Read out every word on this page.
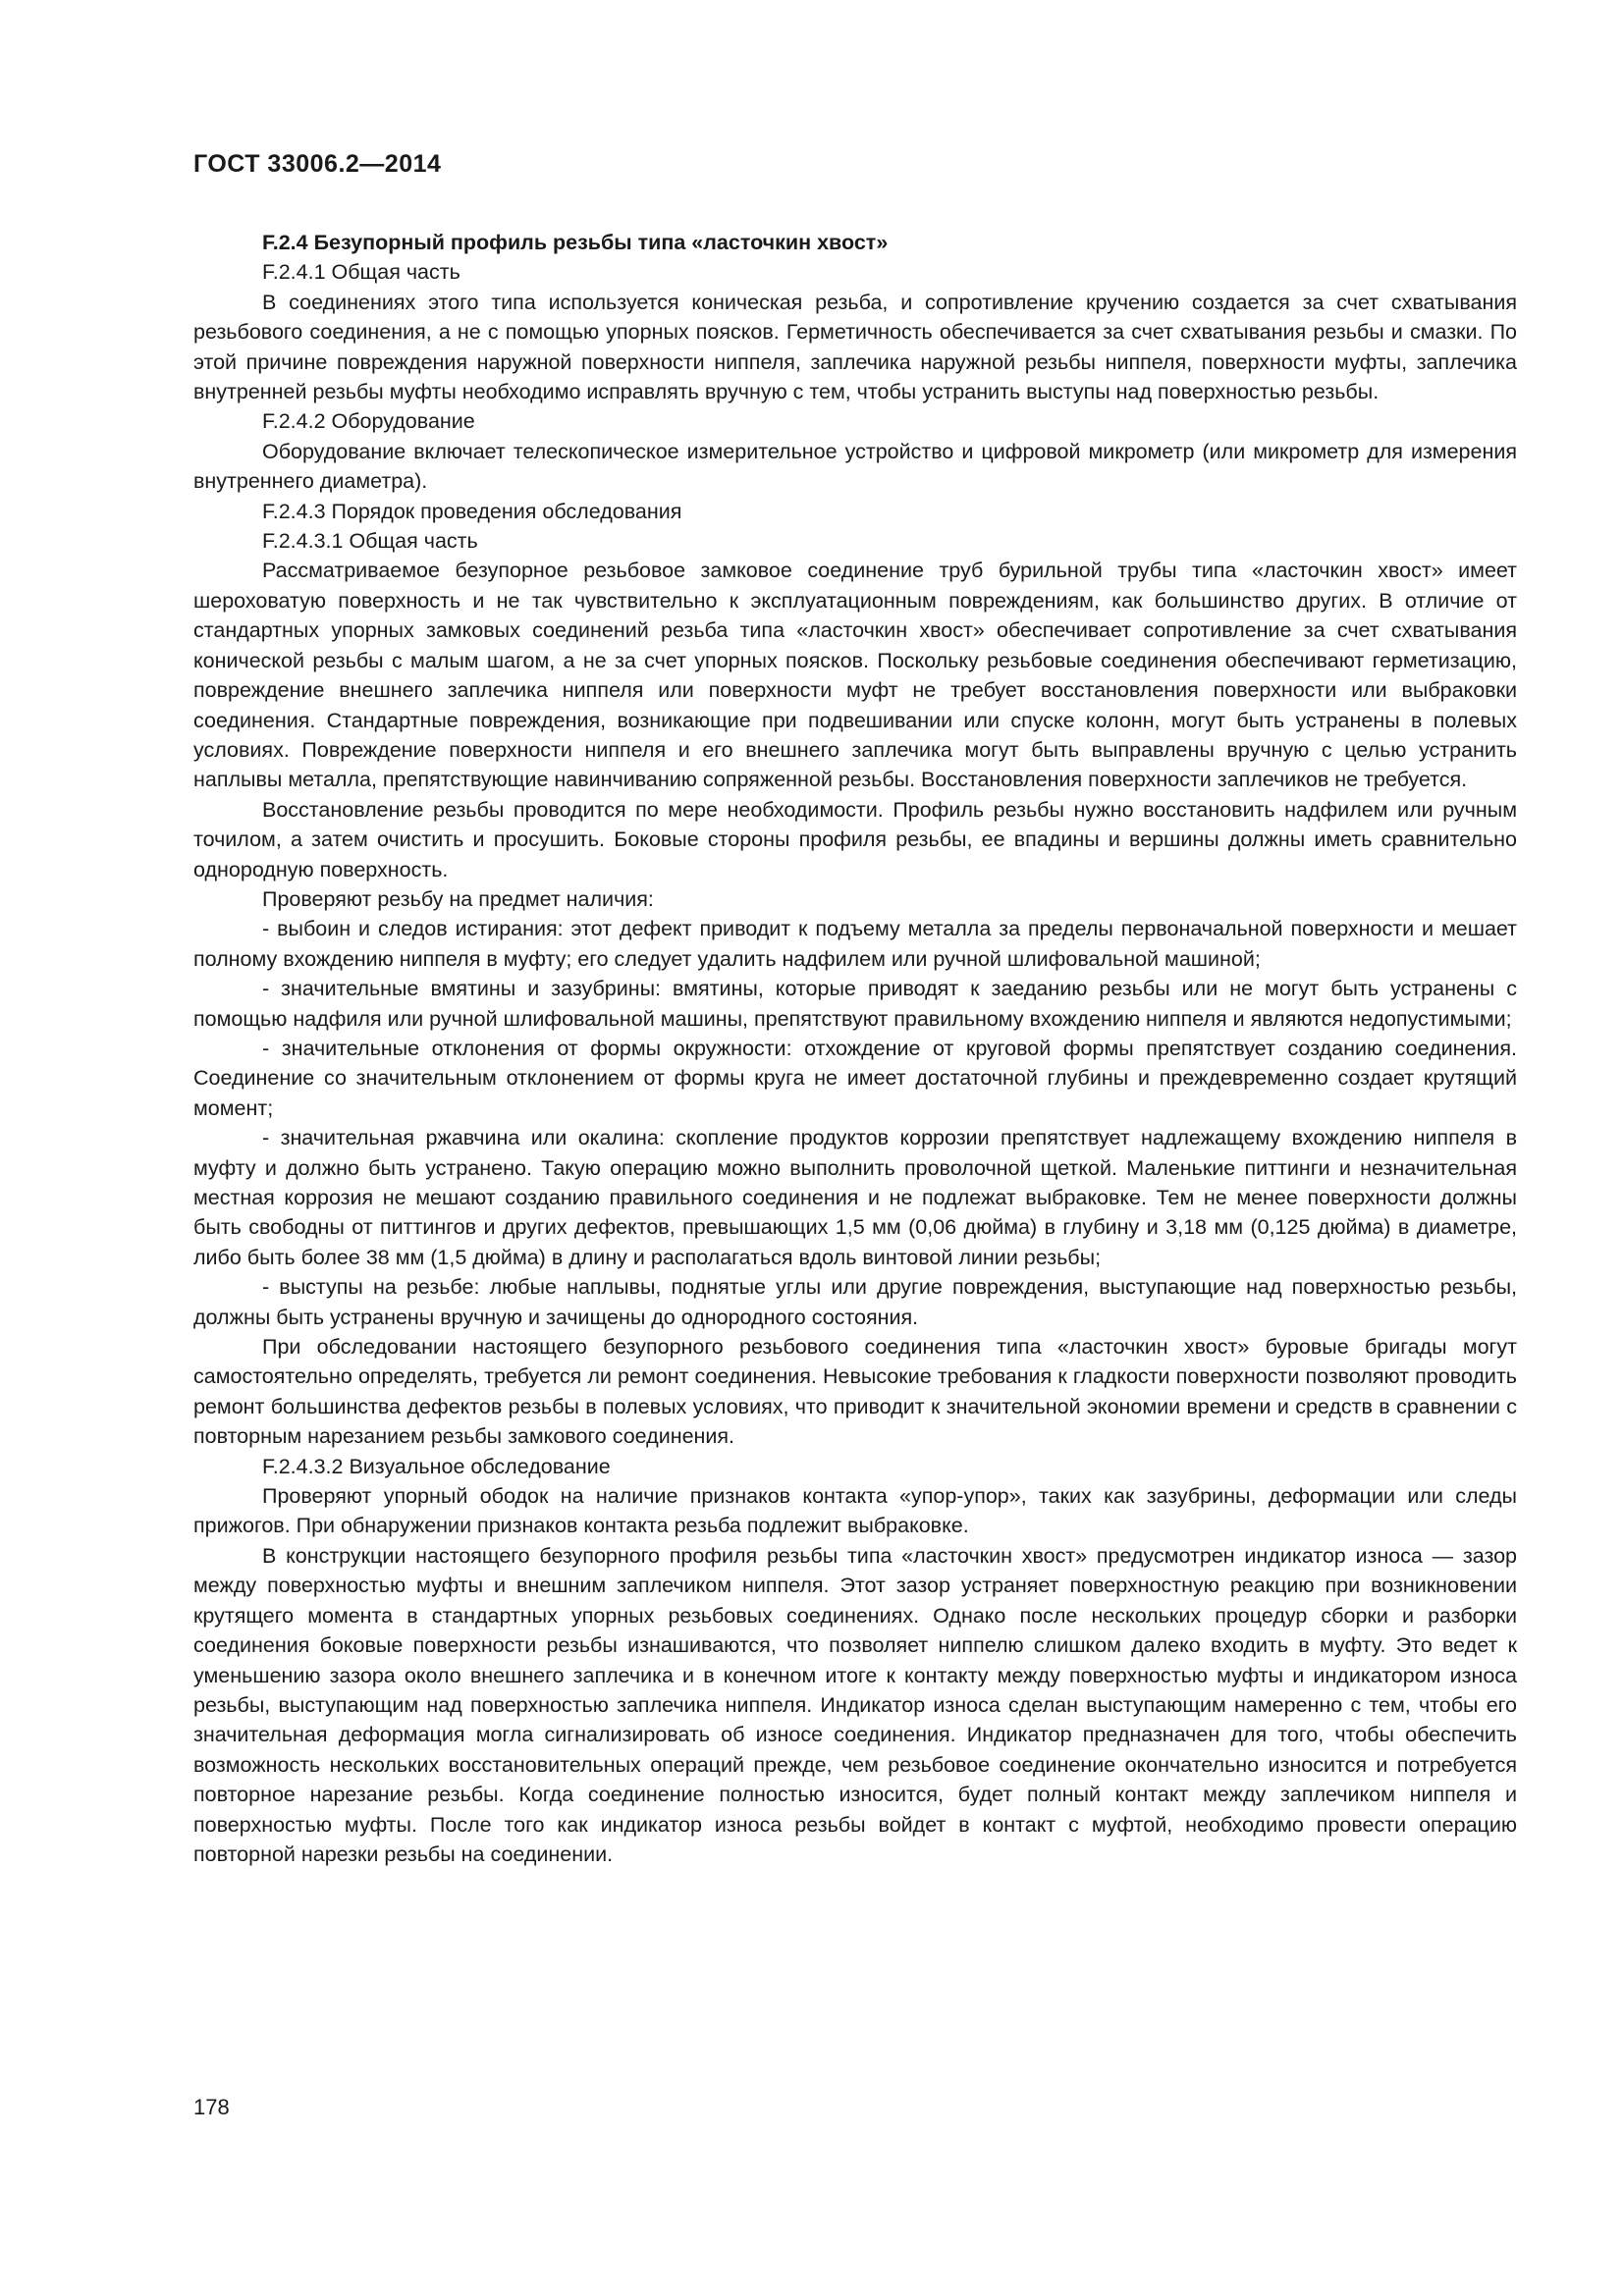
ГОСТ 33006.2—2014

F.2.4 Безупорный профиль резьбы типа «ласточкин хвост»

F.2.4.1 Общая часть

В соединениях этого типа используется коническая резьба, и сопротивление кручению создается за счет схватывания резьбового соединения, а не с помощью упорных поясков. Герметичность обеспечивается за счет схватывания резьбы и смазки. По этой причине повреждения наружной поверхности ниппеля, заплечика наружной резьбы ниппеля, поверхности муфты, заплечика внутренней резьбы муфты необходимо исправлять вручную с тем, чтобы устранить выступы над поверхностью резьбы.

F.2.4.2 Оборудование

Оборудование включает телескопическое измерительное устройство и цифровой микрометр (или микрометр для измерения внутреннего диаметра).

F.2.4.3 Порядок проведения обследования

F.2.4.3.1 Общая часть

Рассматриваемое безупорное резьбовое замковое соединение труб бурильной трубы типа «ласточкин хвост» имеет шероховатую поверхность и не так чувствительно к эксплуатационным повреждениям, как большинство других. В отличие от стандартных упорных замковых соединений резьба типа «ласточкин хвост» обеспечивает сопротивление за счет схватывания конической резьбы с малым шагом, а не за счет упорных поясков. Поскольку резьбовые соединения обеспечивают герметизацию, повреждение внешнего заплечика ниппеля или поверхности муфт не требует восстановления поверхности или выбраковки соединения. Стандартные повреждения, возникающие при подвешивании или спуске колонн, могут быть устранены в полевых условиях. Повреждение поверхности ниппеля и его внешнего заплечика могут быть выправлены вручную с целью устранить наплывы металла, препятствующие навинчиванию сопряженной резьбы. Восстановления поверхности заплечиков не требуется.

Восстановление резьбы проводится по мере необходимости. Профиль резьбы нужно восстановить надфилем или ручным точилом, а затем очистить и просушить. Боковые стороны профиля резьбы, ее впадины и вершины должны иметь сравнительно однородную поверхность.

Проверяют резьбу на предмет наличия:

- выбоин и следов истирания: этот дефект приводит к подъему металла за пределы первоначальной поверхности и мешает полному вхождению ниппеля в муфту; его следует удалить надфилем или ручной шлифовальной машиной;

- значительные вмятины и зазубрины: вмятины, которые приводят к заеданию резьбы или не могут быть устранены с помощью надфиля или ручной шлифовальной машины, препятствуют правильному вхождению ниппеля и являются недопустимыми;

- значительные отклонения от формы окружности: отхождение от круговой формы препятствует созданию соединения. Соединение со значительным отклонением от формы круга не имеет достаточной глубины и преждевременно создает крутящий момент;

- значительная ржавчина или окалина: скопление продуктов коррозии препятствует надлежащему вхождению ниппеля в муфту и должно быть устранено. Такую операцию можно выполнить проволочной щеткой. Маленькие питтинги и незначительная местная коррозия не мешают созданию правильного соединения и не подлежат выбраковке. Тем не менее поверхности должны быть свободны от питтингов и других дефектов, превышающих 1,5 мм (0,06 дюйма) в глубину и 3,18 мм (0,125 дюйма) в диаметре, либо быть более 38 мм (1,5 дюйма) в длину и располагаться вдоль винтовой линии резьбы;

- выступы на резьбе: любые наплывы, поднятые углы или другие повреждения, выступающие над поверхностью резьбы, должны быть устранены вручную и зачищены до однородного состояния.

При обследовании настоящего безупорного резьбового соединения типа «ласточкин хвост» буровые бригады могут самостоятельно определять, требуется ли ремонт соединения. Невысокие требования к гладкости поверхности позволяют проводить ремонт большинства дефектов резьбы в полевых условиях, что приводит к значительной экономии времени и средств в сравнении с повторным нарезанием резьбы замкового соединения.

F.2.4.3.2 Визуальное обследование

Проверяют упорный ободок на наличие признаков контакта «упор-упор», таких как зазубрины, деформации или следы прижогов. При обнаружении признаков контакта резьба подлежит выбраковке.

В конструкции настоящего безупорного профиля резьбы типа «ласточкин хвост» предусмотрен индикатор износа — зазор между поверхностью муфты и внешним заплечиком ниппеля. Этот зазор устраняет поверхностную реакцию при возникновении крутящего момента в стандартных упорных резьбовых соединениях. Однако после нескольких процедур сборки и разборки соединения боковые поверхности резьбы изнашиваются, что позволяет ниппелю слишком далеко входить в муфту. Это ведет к уменьшению зазора около внешнего заплечика и в конечном итоге к контакту между поверхностью муфты и индикатором износа резьбы, выступающим над поверхностью заплечика ниппеля. Индикатор износа сделан выступающим намеренно с тем, чтобы его значительная деформация могла сигнализировать об износе соединения. Индикатор предназначен для того, чтобы обеспечить возможность нескольких восстановительных операций прежде, чем резьбовое соединение окончательно износится и потребуется повторное нарезание резьбы. Когда соединение полностью износится, будет полный контакт между заплечиком ниппеля и поверхностью муфты. После того как индикатор износа резьбы войдет в контакт с муфтой, необходимо провести операцию повторной нарезки резьбы на соединении.

178
